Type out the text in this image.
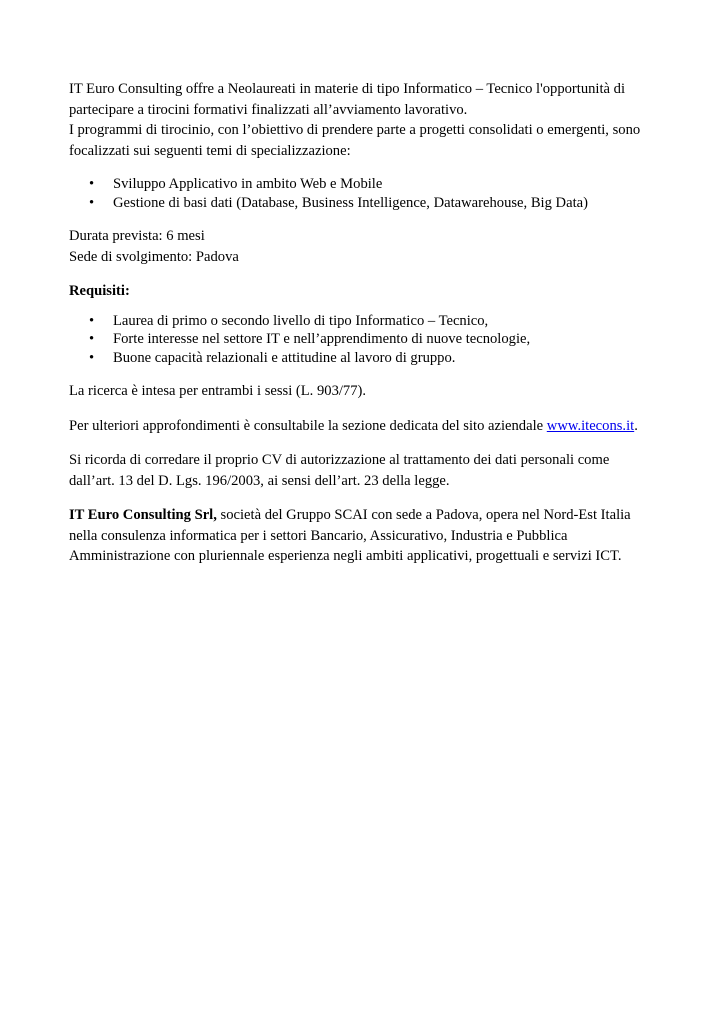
IT Euro Consulting offre a Neolaureati in materie di tipo Informatico – Tecnico l'opportunità di
partecipare a tirocini formativi finalizzati all’avviamento lavorativo.
I programmi di tirocinio, con l’obiettivo di prendere parte a progetti consolidati o emergenti, sono
focalizzati sui seguenti temi di specializzazione:

• Sviluppo Applicativo in ambito Web e Mobile
• Gestione di basi dati (Database, Business Intelligence, Datawarehouse, Big Data)

Durata prevista: 6 mesi
Sede di svolgimento: Padova

Requisiti:

• Laurea di primo o secondo livello di tipo Informatico – Tecnico,
• Forte interesse nel settore IT e nell’apprendimento di nuove tecnologie,
• Buone capacità relazionali e attitudine al lavoro di gruppo.

La ricerca è intesa per entrambi i sessi (L. 903/77).

Per ulteriori approfondimenti è consultabile la sezione dedicata del sito aziendale www.itecons.it.

Si ricorda di corredare il proprio CV di autorizzazione al trattamento dei dati personali come
dall’art. 13 del D. Lgs. 196/2003, ai sensi dell’art. 23 della legge.

IT Euro Consulting Srl, società del Gruppo SCAI con sede a Padova, opera nel Nord-Est Italia
nella consulenza informatica per i settori Bancario, Assicurativo, Industria e Pubblica
Amministrazione con pluriennale esperienza negli ambiti applicativi, progettuali e servizi ICT.
